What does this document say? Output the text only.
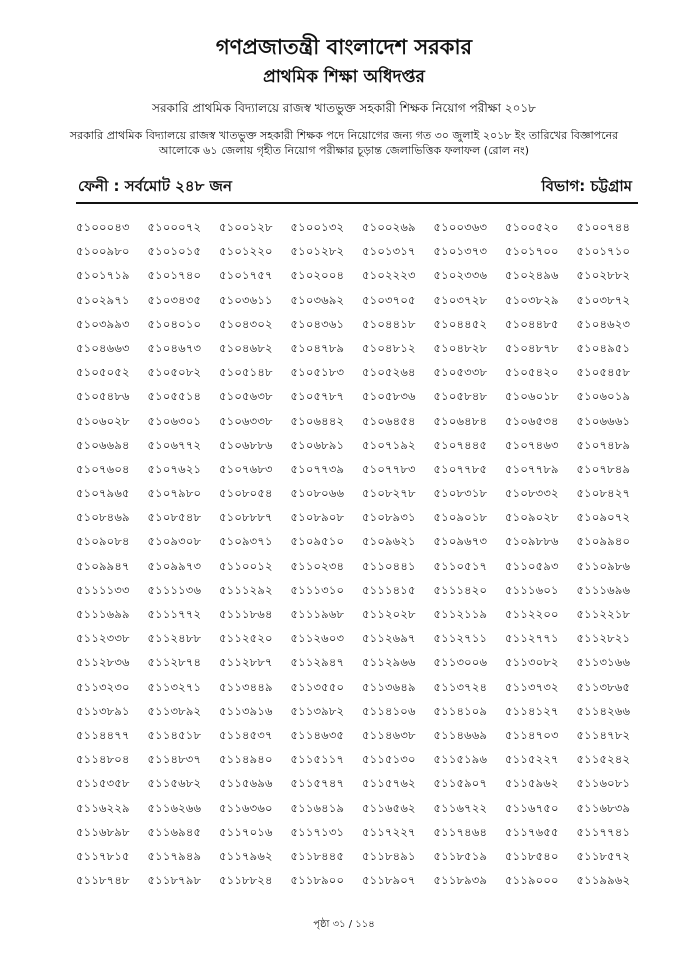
গণপ্রজাতন্ত্রী বাংলাদেশ সরকার
প্রাথমিক শিক্ষা অধিদপ্তর
সরকারি প্রাথমিক বিদ্যালয়ে রাজস্ব খাতভুক্ত সহকারী শিক্ষক নিয়োগ পরীক্ষা ২০১৮
সরকারি প্রাথমিক বিদ্যালয়ে রাজস্ব খাতভুক্ত সহকারী শিক্ষক পদে নিয়োগের জন্য গত ৩০ জুলাই ২০১৮ ইং তারিখের বিজ্ঞাপনের
আলোকে ৬১ জেলায় গৃহীত নিয়োগ পরীক্ষার চূড়ান্ত জেলাভিত্তিক ফলাফল (রোল নং)
ফেনী : সর্বমোট ২৪৮ জন	বিভাগ: চট্টগ্রাম
৫১০০০৪৩	৫১০০০৭২	৫১০০১২৮	৫১০০১৩২	৫১০০২৬৯	৫১০০৩৬৩	৫১০০৫২০	৫১০০৭৪৪
৫১০০৯৮০	৫১০১০১৫	৫১০১২২০	৫১০১২৮২	৫১০১৩১৭	৫১০১৩৭৩	৫১০১৭০০	৫১০১৭১০
৫১০১৭১৯	৫১০১৭৪০	৫১০১৭৫৭	৫১০২০০৪	৫১০২২২৩	৫১০২৩৩৬	৫১০২৪৯৬	৫১০২৮৮২
৫১০২৯৭১	৫১০৩৪৩৫	৫১০৩৬১১	৫১০৩৬৯২	৫১০৩৭০৫	৫১০৩৭২৮	৫১০৩৮২৯	৫১০৩৮৭২
৫১০৩৯৯৩	৫১০৪০১০	৫১০৪৩০২	৫১০৪৩৬১	৫১০৪৪১৮	৫১০৪৪৫২	৫১০৪৪৮৫	৫১০৪৬২৩
৫১০৪৬৬৩	৫১০৪৬৭৩	৫১০৪৬৮২	৫১০৪৭৮৯	৫১০৪৮১২	৫১০৪৮২৮	৫১০৪৮৭৮	৫১০৪৯৫১
৫১০৫০৫২	৫১০৫০৮২	৫১০৫১৪৮	৫১০৫১৮৩	৫১০৫২৬৪	৫১০৫৩৩৮	৫১০৫৪২০	৫১০৫৪৫৮
৫১০৫৪৮৬	৫১০৫৫১৪	৫১০৫৬৩৮	৫১০৫৭৮৭	৫১০৫৮৩৬	৫১০৫৮৪৮	৫১০৬০১৮	৫১০৬০১৯
৫১০৬০২৮	৫১০৬৩০১	৫১০৬৩৩৮	৫১০৬৪৪২	৫১০৬৪৫৪	৫১০৬৪৮৪	৫১০৬৫৩৪	৫১০৬৬৬১
৫১০৬৬৯৪	৫১০৬৭৭২	৫১০৬৮৮৬	৫১০৬৮৯১	৫১০৭১৯২	৫১০৭৪৪৫	৫১০৭৪৬৩	৫১০৭৪৮৯
৫১০৭৬০৪	৫১০৭৬২১	৫১০৭৬৮৩	৫১০৭৭৩৯	৫১০৭৭৮৩	৫১০৭৭৮৫	৫১০৭৭৮৯	৫১০৭৮৪৯
৫১০৭৯৬৫	৫১০৭৯৮০	৫১০৮০৫৪	৫১০৮০৬৬	৫১০৮২৭৮	৫১০৮৩১৮	৫১০৮৩৩২	৫১০৮৪২৭
৫১০৮৪৬৯	৫১০৮৫৪৮	৫১০৮৮৮৭	৫১০৮৯০৮	৫১০৮৯৩১	৫১০৯০১৮	৫১০৯০২৮	৫১০৯০৭২
৫১০৯০৮৪	৫১০৯৩০৮	৫১০৯৩৭১	৫১০৯৫১০	৫১০৯৬২১	৫১০৯৬৭৩	৫১০৯৮৮৬	৫১০৯৯৪০
৫১০৯৯৪৭	৫১০৯৯৭৩	৫১১০০১২	৫১১০২৩৪	৫১১০৪৪১	৫১১০৫১৭	৫১১০৫৯৩	৫১১০৯৮৬
৫১১১১৩৩	৫১১১১৩৬	৫১১১২৯২	৫১১১৩১০	৫১১১৪১৫	৫১১১৪২০	৫১১১৬০১	৫১১১৬৯৬
৫১১১৬৯৯	৫১১১৭৭২	৫১১১৮৬৪	৫১১১৯৬৮	৫১১২০২৮	৫১১২১১৯	৫১১২২০০	৫১১২২১৮
৫১১২৩৩৮	৫১১২৪৮৮	৫১১২৫২০	৫১১২৬০৩	৫১১২৬৯৭	৫১১২৭১১	৫১১২৭৭১	৫১১২৮২১
৫১১২৮৩৬	৫১১২৮৭৪	৫১১২৮৮৭	৫১১২৯৪৭	৫১১২৯৬৬	৫১১৩০০৬	৫১১৩০৮২	৫১১৩১৬৬
৫১১৩২৩০	৫১১৩২৭১	৫১১৩৪৪৯	৫১১৩৫৫০	৫১১৩৬৪৯	৫১১৩৭২৪	৫১১৩৭৩২	৫১১৩৮৬৫
৫১১৩৮৯১	৫১১৩৮৯২	৫১১৩৯১৬	৫১১৩৯৮২	৫১১৪১০৬	৫১১৪১০৯	৫১১৪১২৭	৫১১৪২৬৬
৫১১৪৪৭৭	৫১১৪৫১৮	৫১১৪৫৩৭	৫১১৪৬৩৫	৫১১৪৬৩৮	৫১১৪৬৬৯	৫১১৪৭০৩	৫১১৪৭৮২
৫১১৪৮০৪	৫১১৪৮৩৭	৫১১৪৯৪০	৫১১৫১১৭	৫১১৫১৩০	৫১১৫১৯৬	৫১১৫২২৭	৫১১৫২৪২
৫১১৫৩৫৮	৫১১৫৬৮২	৫১১৫৬৯৬	৫১১৫৭৪৭	৫১১৫৭৬২	৫১১৫৯০৭	৫১১৫৯৬২	৫১১৬০৮১
৫১১৬২২৯	৫১১৬২৬৬	৫১১৬৩৬০	৫১১৬৪১৯	৫১১৬৫৬২	৫১১৬৭২২	৫১১৬৭৫০	৫১১৬৮৩৯
৫১১৬৮৯৮	৫১১৬৯৪৫	৫১১৭০১৬	৫১১৭১৩১	৫১১৭২২৭	৫১১৭৪৬৪	৫১১৭৬৫৫	৫১১৭৭৪১
৫১১৭৮১৫	৫১১৭৯৪৯	৫১১৭৯৬২	৫১১৮৪৪৫	৫১১৮৪৯১	৫১১৮৫১৯	৫১১৮৫৪০	৫১১৮৫৭২
৫১১৮৭৪৮	৫১১৮৭৯৮	৫১১৮৮২৪	৫১১৮৯০০	৫১১৮৯০৭	৫১১৮৯৩৯	৫১১৯০০০	৫১১৯৯৬২
পৃষ্ঠা ৩১ / ১১৪
